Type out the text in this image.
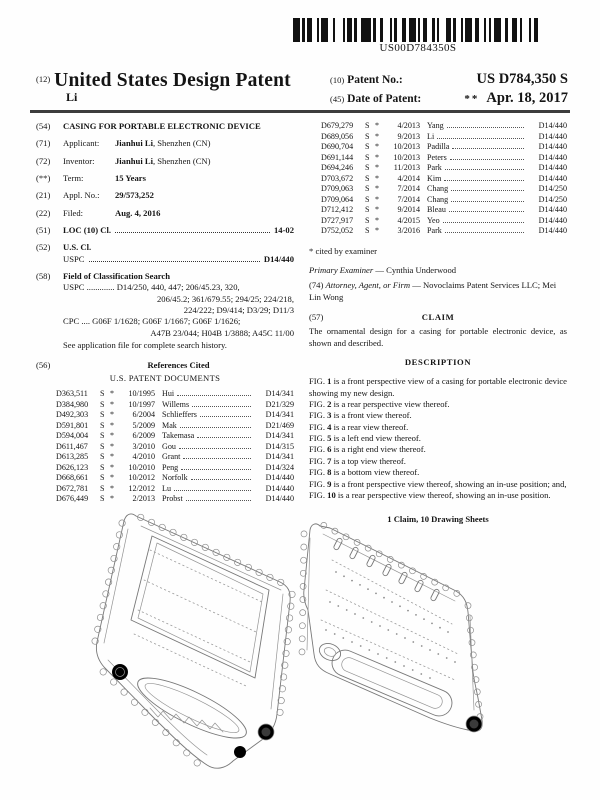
US00D784350S
$^{(12)}$ United States Design Patent
Li
(10) Patent No.:	US D784,350 S
(45) Date of Patent:	** Apr. 18, 2017
(54)	CASING FOR PORTABLE ELECTRONIC DEVICE
(71)	Applicant:	Jianhui Li, Shenzhen (CN)
(72)	Inventor:	Jianhui Li, Shenzhen (CN)
(**)	Term:	15 Years
(21)	Appl. No.:	29/573,252
(22)	Filed:	Aug. 4, 2016
(51)	LOC (10) Cl.	14-02
(52)	U.S. Cl.
USPC	D14/440
(58)	Field of Classification Search
USPC ............. D14/250, 440, 447; 206/45.23, 320,
206/45.2; 361/679.55; 294/25; 224/218,
224/222; D9/414; D3/29; D11/3
CPC .... G06F 1/1628; G06F 1/1667; G06F 1/1626;
A47B 23/044; H04B 1/3888; A45C 11/00
See application file for complete search history.
(56)	References Cited
U.S. PATENT DOCUMENTS
D363,511	S *	10/1995 Hui	D14/341
D384,980	S *	10/1997 Willems	D21/329
D492,303	S *	6/2004 Schlieffers	D14/341
D591,801	S *	5/2009 Mak	D21/469
D594,004	S *	6/2009 Takemasa	D14/341
D611,467	S *	3/2010 Gou	D14/315
D613,285	S *	4/2010 Grant	D14/341
D626,123	S *	10/2010 Peng	D14/324
D668,661	S *	10/2012 Norfolk	D14/440
D672,781	S *	12/2012 Lu	D14/440
D676,449	S *	2/2013 Probst	D14/440
D679,279	S *	4/2013 Yang	D14/440
D689,056	S *	9/2013 Li	D14/440
D690,704	S *	10/2013 Padilla	D14/440
D691,144	S *	10/2013 Peters	D14/440
D694,246	S *	11/2013 Park	D14/440
D703,672	S *	4/2014 Kim	D14/440
D709,063	S *	7/2014 Chang	D14/250
D709,064	S *	7/2014 Chang	D14/250
D712,412	S *	9/2014 Bleau	D14/440
D727,917	S *	4/2015 Yeo	D14/440
D752,052	S *	3/2016 Park	D14/440
* cited by examiner
Primary Examiner — Cynthia Underwood
(74) Attorney, Agent, or Firm — Novoclaims Patent Services LLC; Mei Lin Wong
(57)	CLAIM
The ornamental design for a casing for portable electronic device, as shown and described.
DESCRIPTION
FIG. 1 is a front perspective view of a casing for portable electronic device showing my new design.
FIG. 2 is a rear perspective view thereof.
FIG. 3 is a front view thereof.
FIG. 4 is a rear view thereof.
FIG. 5 is a left end view thereof.
FIG. 6 is a right end view thereof.
FIG. 7 is a top view thereof.
FIG. 8 is a bottom view thereof.
FIG. 9 is a front perspective view thereof, showing an in-use position; and,
FIG. 10 is a rear perspective view thereof, showing an in-use position.
1 Claim, 10 Drawing Sheets
